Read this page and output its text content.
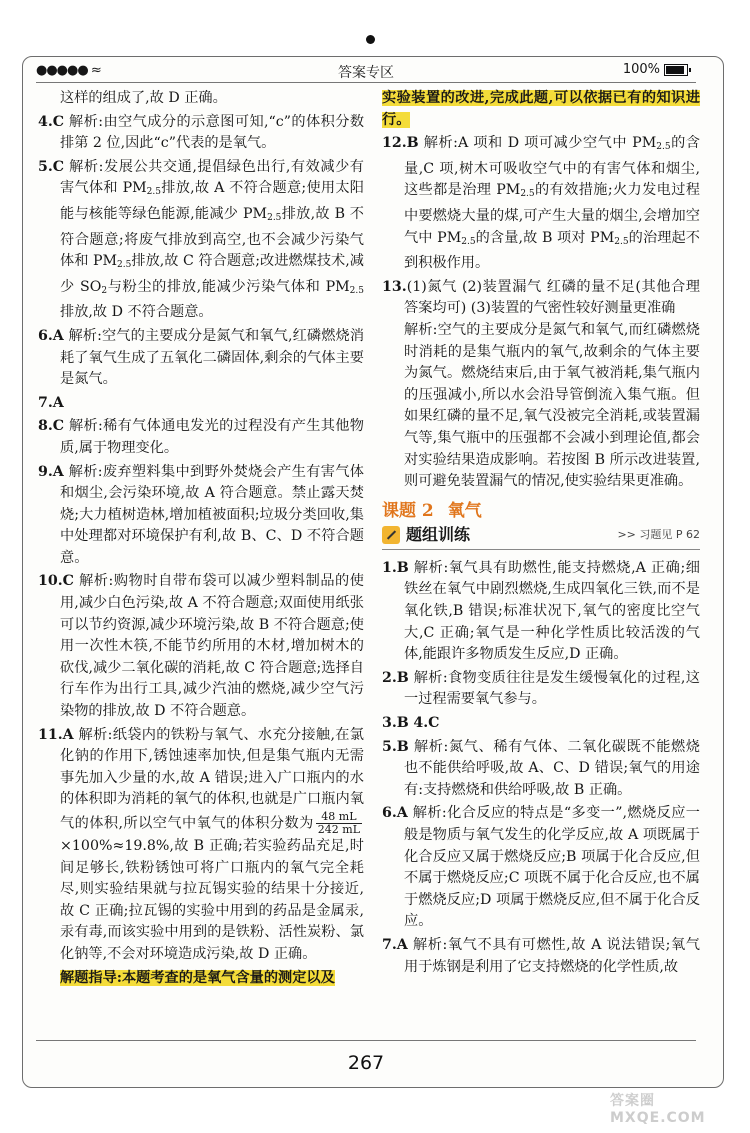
●●●●● ≈	答案专区	100%
这样的组成了,故 D 正确。
4.C 解析:由空气成分的示意图可知,“c”的体积分数排第 2 位,因此“c”代表的是氧气。
5.C 解析:发展公共交通,提倡绿色出行,有效减少有害气体和 $PM_{2.5}$排放,故 A 不符合题意;使用太阳能与核能等绿色能源,能减少 $PM_{2.5}$排放,故 B 不符合题意;将废气排放到高空,也不会减少污染气体和 $PM_{2.5}$排放,故 C 符合题意;改进燃煤技术,减少 $SO_2$与粉尘的排放,能减少污染气体和 $PM_{2.5}$排放,故 D 不符合题意。
6.A 解析:空气的主要成分是氮气和氧气,红磷燃烧消耗了氧气生成了五氧化二磷固体,剩余的气体主要是氮气。
7.A
8.C 解析:稀有气体通电发光的过程没有产生其他物质,属于物理变化。
9.A 解析:废弃塑料集中到野外焚烧会产生有害气体和烟尘,会污染环境,故 A 符合题意。禁止露天焚烧;大力植树造林,增加植被面积;垃圾分类回收,集中处理都对环境保护有利,故 B、C、D 不符合题意。
10.C 解析:购物时自带布袋可以减少塑料制品的使用,减少白色污染,故 A 不符合题意;双面使用纸张可以节约资源,减少环境污染,故 B 不符合题意;使用一次性木筷,不能节约所用的木材,增加树木的砍伐,减少二氧化碳的消耗,故 C 符合题意;选择自行车作为出行工具,减少汽油的燃烧,减少空气污染物的排放,故 D 不符合题意。
11.A 解析:纸袋内的铁粉与氧气、水充分接触,在氯化钠的作用下,锈蚀速率加快,但是集气瓶内无需事先加入少量的水,故 A 错误;进入广口瓶内的水的体积即为消耗的氧气的体积,也就是广口瓶内氧气的体积,所以空气中氧气的体积分数为 $\frac{48 mL}{242 mL}$
×100%≈19.8%,故 B 正确;若实验药品充足,时间足够长,铁粉锈蚀可将广口瓶内的氧气完全耗尽,则实验结果就与拉瓦锡实验的结果十分接近,故 C 正确;拉瓦锡的实验中用到的药品是金属汞,汞有毒,而该实验中用到的是铁粉、活性炭粉、氯化钠等,不会对环境造成污染,故 D 正确。
解题指导:本题考查的是氧气含量的测定以及
实验装置的改进,完成此题,可以依据已有的知识进行。
12.B 解析:A 项和 D 项可减少空气中 $PM_{2.5}$的含量,C 项,树木可吸收空气中的有害气体和烟尘,这些都是治理 $PM_{2.5}$的有效措施;火力发电过程中要燃烧大量的煤,可产生大量的烟尘,会增加空气中 $PM_{2.5}$的含量,故 B 项对 $PM_{2.5}$的治理起不到积极作用。
13.(1)氮气 (2)装置漏气 红磷的量不足(其他合理答案均可) (3)装置的气密性较好测量更准确
解析:空气的主要成分是氮气和氧气,而红磷燃烧时消耗的是集气瓶内的氧气,故剩余的气体主要为氮气。燃烧结束后,由于氧气被消耗,集气瓶内的压强减小,所以水会沿导管倒流入集气瓶。但如果红磷的量不足,氧气没被完全消耗,或装置漏气等,集气瓶中的压强都不会减小到理论值,都会对实验结果造成影响。若按图 B 所示改进装置,则可避免装置漏气的情况,使实验结果更准确。
课题 2 氧气
题组训练	>> 习题见 P 62
1.B 解析:氧气具有助燃性,能支持燃烧,A 正确;细铁丝在氧气中剧烈燃烧,生成四氧化三铁,而不是氧化铁,B 错误;标准状况下,氧气的密度比空气大,C 正确;氧气是一种化学性质比较活泼的气体,能跟许多物质发生反应,D 正确。
2.B 解析:食物变质往往是发生缓慢氧化的过程,这一过程需要氧气参与。
3.B 4.C
5.B 解析:氮气、稀有气体、二氧化碳既不能燃烧也不能供给呼吸,故 A、C、D 错误;氧气的用途有:支持燃烧和供给呼吸,故 B 正确。
6.A 解析:化合反应的特点是“多变一”,燃烧反应一般是物质与氧气发生的化学反应,故 A 项既属于化合反应又属于燃烧反应;B 项属于化合反应,但不属于燃烧反应;C 项既不属于化合反应,也不属于燃烧反应;D 项属于燃烧反应,但不属于化合反应。
7.A 解析:氧气不具有可燃性,故 A 说法错误;氧气用于炼钢是利用了它支持燃烧的化学性质,故
267
答案圈 MXQE.COM
